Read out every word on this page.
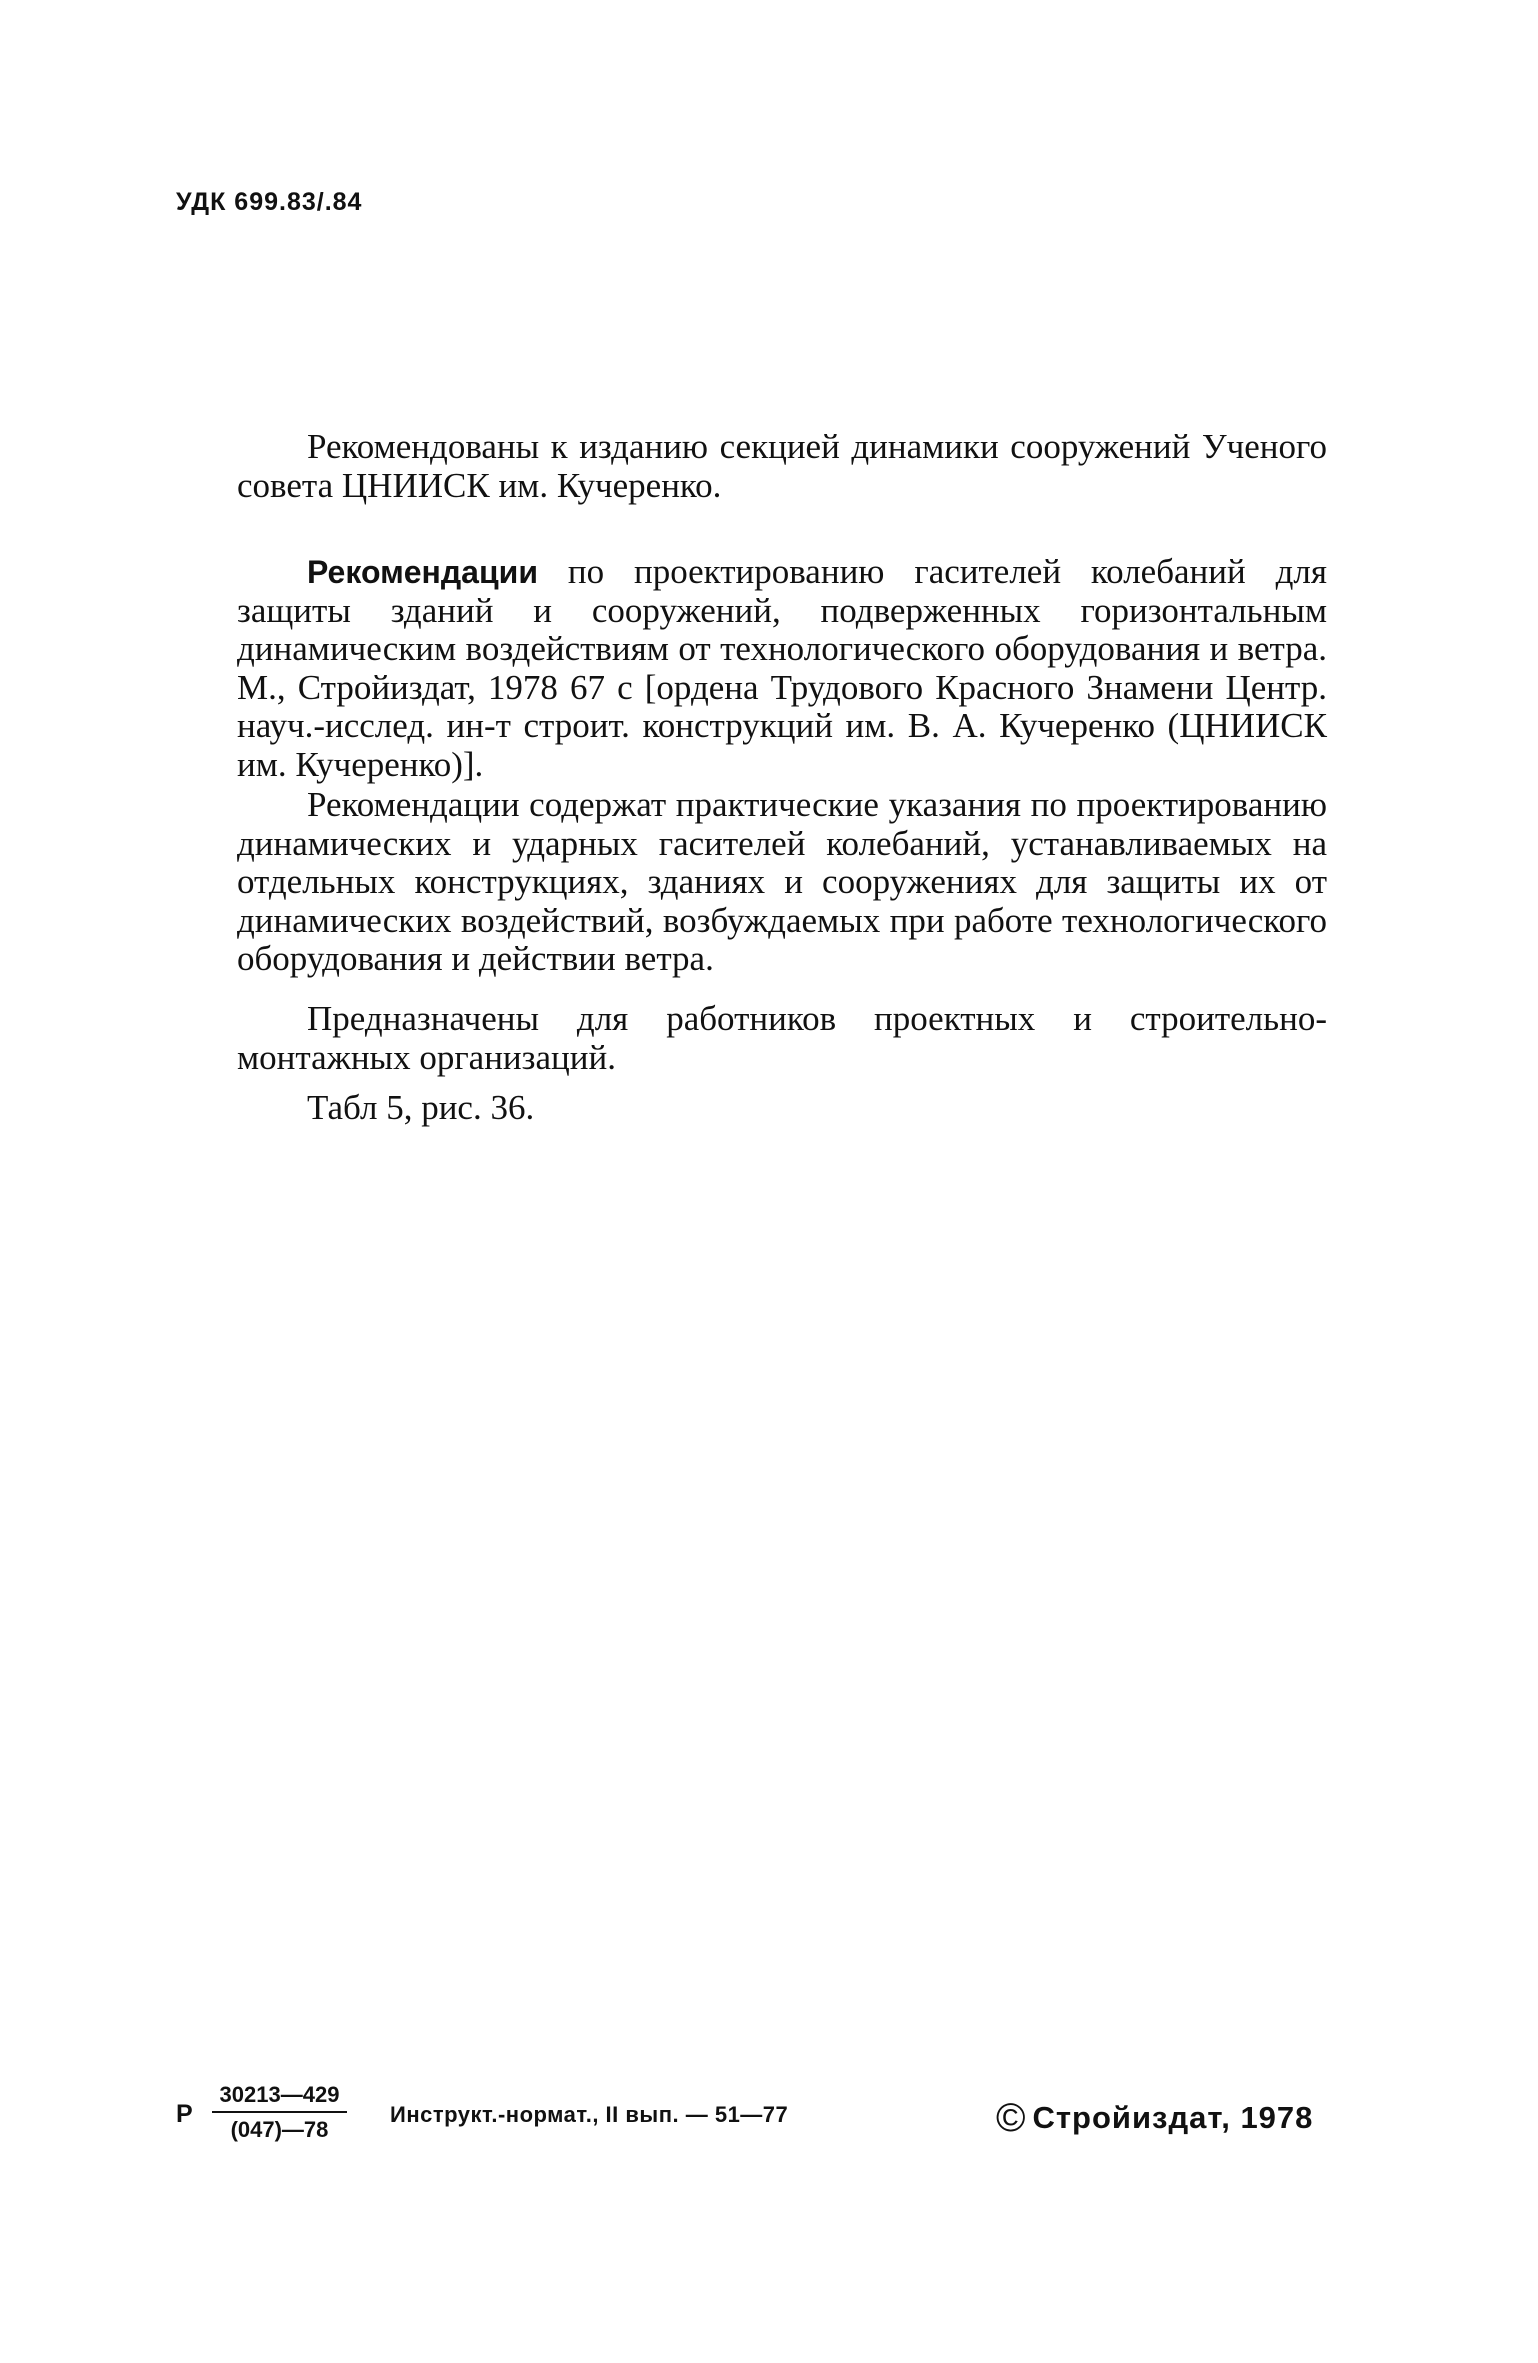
УДК 699.83/.84

Рекомендованы к изданию секцией динамики сооружений Ученого совета ЦНИИСК им. Кучеренко.

Рекомендации по проектированию гасителей колебаний для защиты зданий и сооружений, подверженных горизонтальным динамическим воздействиям от технологического оборудования и ветра. М., Стройиздат, 1978 67 с [ордена Трудового Красного Знамени Центр. науч.-исслед. ин-т строит. конструкций им. В. А. Кучеренко (ЦНИИСК им. Кучеренко)].

Рекомендации содержат практические указания по проектированию динамических и ударных гасителей колебаний, устанавливаемых на отдельных конструкциях, зданиях и сооружениях для защиты их от динамических воздействий, возбуждаемых при работе технологического оборудования и действии ветра.

Предназначены для работников проектных и строительно-монтажных организаций.

Табл 5, рис. 36.
Р $\frac{30213—429}{(047)—78}$ Инструкт.-нормат., II вып. — 51—77	© Стройиздат, 1978
